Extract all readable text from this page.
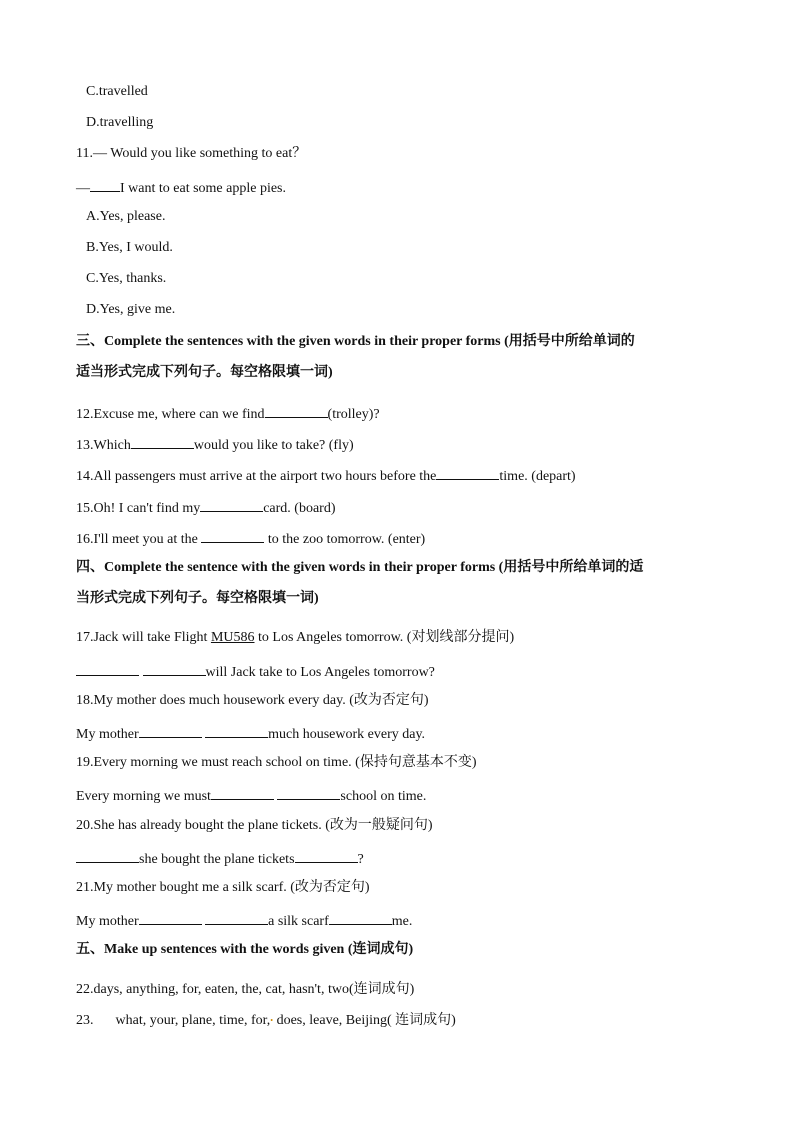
C.travelled
D.travelling
11.— Would you like something to eat？
— I want to eat some apple pies.
A.Yes, please.
B.Yes, I would.
C.Yes, thanks.
D.Yes, give me.
三、Complete the sentences with the given words in their proper forms (用括号中所给单词的
适当形式完成下列句子。每空格限填一词)
12.Excuse me, where can we find	(trolley)?
13.Which	would you like to take? (fly)
14.All passengers must arrive at the airport two hours before the	time. (depart)
15.Oh! I can't find my	card. (board)
16.I'll meet you at the	to the zoo tomorrow. (enter)
四、Complete the sentence with the given words in their proper forms (用括号中所给单词的适
当形式完成下列句子。每空格限填一词)
17.Jack will take Flight MU586 to Los Angeles tomorrow. (对划线部分提问)
will Jack take to Los Angeles tomorrow?
18.My mother does much housework every day. (改为否定句)
My mother	much housework every day.
19.Every morning we must reach school on time. (保持句意基本不变)
Every morning we must	school on time.
20.She has already bought the plane tickets. (改为一般疑问句)
she bought the plane tickets	?
21.My mother bought me a silk scarf. (改为否定句)
My mother	a silk scarf	me.
五、Make up sentences with the words given (连词成句)
22.days, anything, for, eaten, the, cat, hasn't, two(连词成句)
23. what, your, plane, time, for,• does, leave, Beijing( 连词成句)
